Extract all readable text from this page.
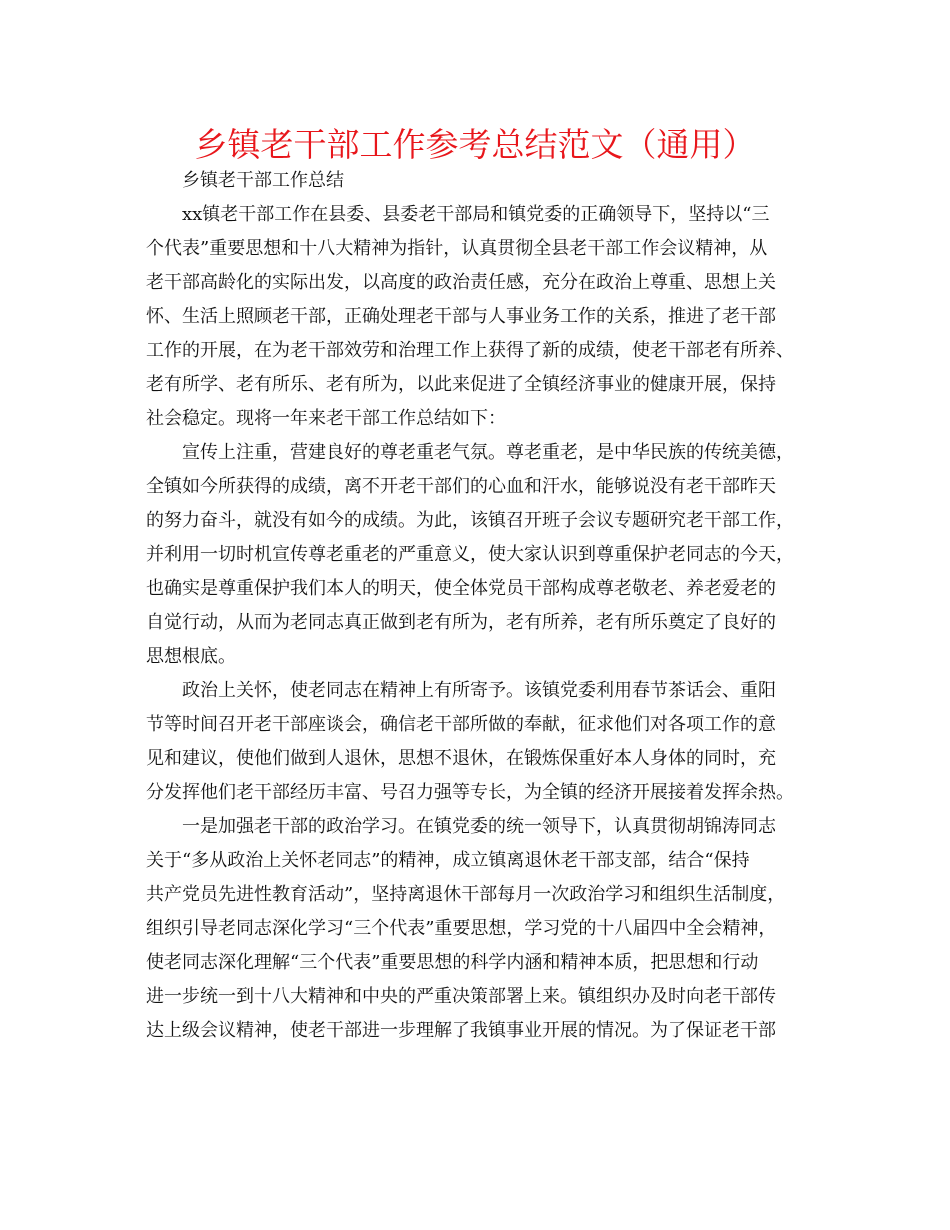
乡镇老干部工作参考总结范文（通用）
乡镇老干部工作总结
xx镇老干部工作在县委、县委老干部局和镇党委的正确领导下，坚持以“三
个代表”重要思想和十八大精神为指针，认真贯彻全县老干部工作会议精神，从
老干部高龄化的实际出发，以高度的政治责任感，充分在政治上尊重、思想上关
怀、生活上照顾老干部，正确处理老干部与人事业务工作的关系，推进了老干部
工作的开展，在为老干部效劳和治理工作上获得了新的成绩，使老干部老有所养、
老有所学、老有所乐、老有所为，以此来促进了全镇经济事业的健康开展，保持
社会稳定。现将一年来老干部工作总结如下：
宣传上注重，营建良好的尊老重老气氛。尊老重老，是中华民族的传统美德，
全镇如今所获得的成绩，离不开老干部们的心血和汗水，能够说没有老干部昨天
的努力奋斗，就没有如今的成绩。为此，该镇召开班子会议专题研究老干部工作，
并利用一切时机宣传尊老重老的严重意义，使大家认识到尊重保护老同志的今天，
也确实是尊重保护我们本人的明天，使全体党员干部构成尊老敬老、养老爱老的
自觉行动，从而为老同志真正做到老有所为，老有所养，老有所乐奠定了良好的
思想根底。
政治上关怀，使老同志在精神上有所寄予。该镇党委利用春节茶话会、重阳
节等时间召开老干部座谈会，确信老干部所做的奉献，征求他们对各项工作的意
见和建议，使他们做到人退休，思想不退休，在锻炼保重好本人身体的同时，充
分发挥他们老干部经历丰富、号召力强等专长，为全镇的经济开展接着发挥余热。
一是加强老干部的政治学习。在镇党委的统一领导下，认真贯彻胡锦涛同志
关于“多从政治上关怀老同志”的精神，成立镇离退休老干部支部，结合“保持
共产党员先进性教育活动”，坚持离退休干部每月一次政治学习和组织生活制度，
组织引导老同志深化学习“三个代表”重要思想，学习党的十八届四中全会精神，
使老同志深化理解“三个代表”重要思想的科学内涵和精神本质，把思想和行动
进一步统一到十八大精神和中央的严重决策部署上来。镇组织办及时向老干部传
达上级会议精神，使老干部进一步理解了我镇事业开展的情况。为了保证老干部
